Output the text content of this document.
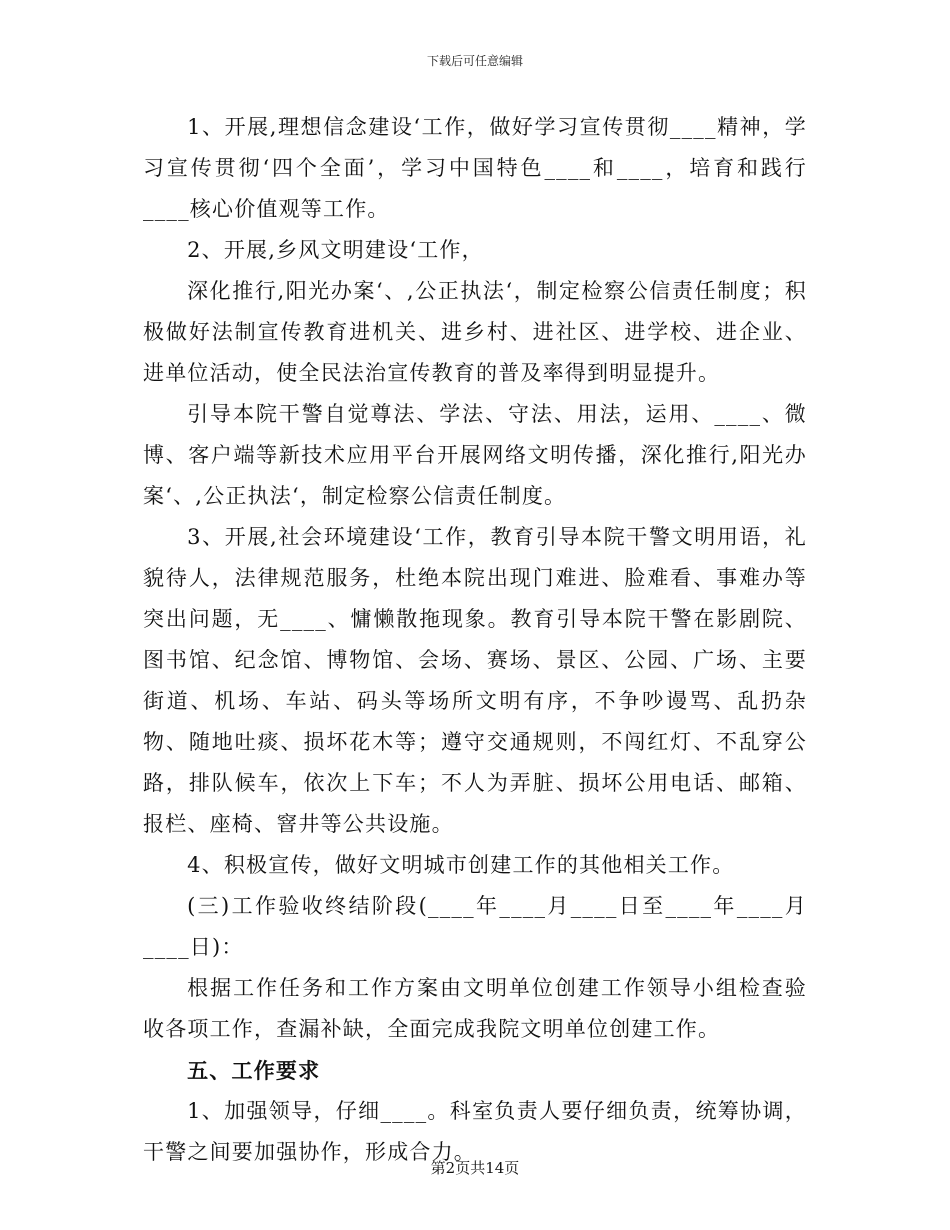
下载后可任意编辑

1、开展,理想信念建设‘工作，做好学习宣传贯彻____精神，学习宣传贯彻‘四个全面’，学习中国特色____和____，培育和践行____核心价值观等工作。

2、开展,乡风文明建设‘工作，

深化推行,阳光办案‘、,公正执法‘，制定检察公信责任制度；积极做好法制宣传教育进机关、进乡村、进社区、进学校、进企业、进单位活动，使全民法治宣传教育的普及率得到明显提升。

引导本院干警自觉尊法、学法、守法、用法，运用、____、微博、客户端等新技术应用平台开展网络文明传播，深化推行,阳光办案‘、,公正执法‘，制定检察公信责任制度。

3、开展,社会环境建设‘工作，教育引导本院干警文明用语，礼貌待人，法律规范服务，杜绝本院出现门难进、脸难看、事难办等突出问题，无____、慵懒散拖现象。教育引导本院干警在影剧院、图书馆、纪念馆、博物馆、会场、赛场、景区、公园、广场、主要街道、机场、车站、码头等场所文明有序，不争吵谩骂、乱扔杂物、随地吐痰、损坏花木等；遵守交通规则，不闯红灯、不乱穿公路，排队候车，依次上下车；不人为弄脏、损坏公用电话、邮箱、报栏、座椅、窨井等公共设施。

4、积极宣传，做好文明城市创建工作的其他相关工作。

(三)工作验收终结阶段(____年____月____日至____年____月____日)：

根据工作任务和工作方案由文明单位创建工作领导小组检查验收各项工作，查漏补缺，全面完成我院文明单位创建工作。

五、工作要求

1、加强领导，仔细____。科室负责人要仔细负责，统筹协调，干警之间要加强协作，形成合力。

第2页共14页
